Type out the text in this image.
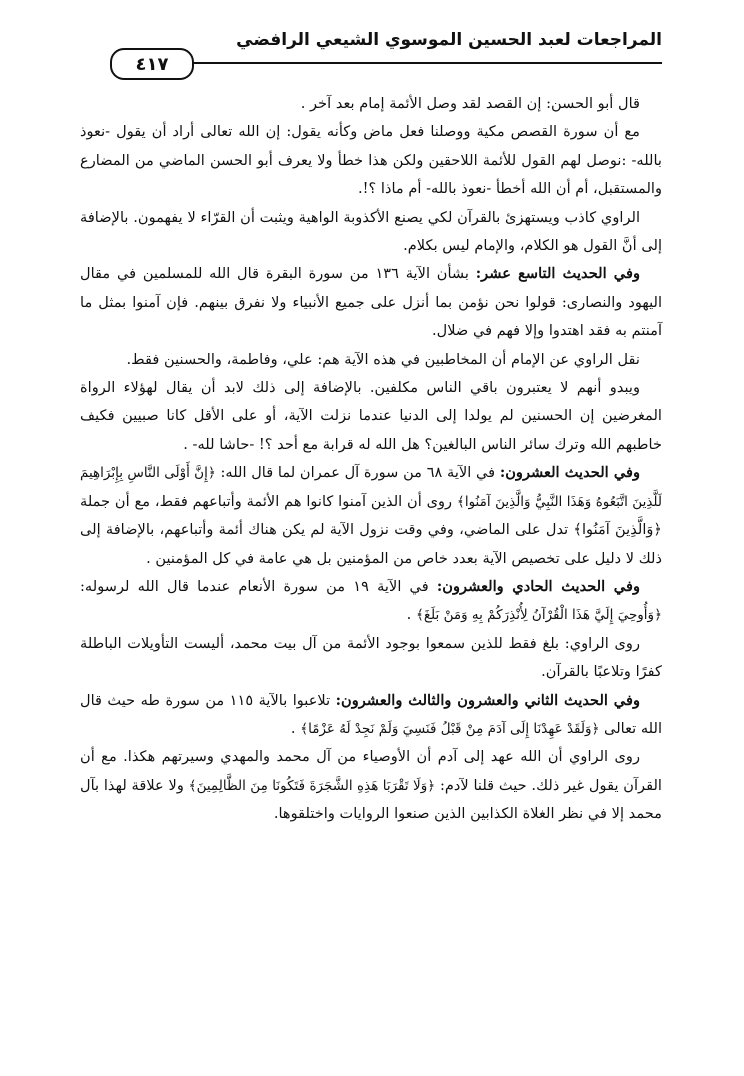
المراجعات لعبد الحسين الموسوي الشيعي الرافضي
٤١٧

قال أبو الحسن: إن القصد لقد وصل الأئمة إمام بعد آخر .

مع أن سورة القصص مكية ووصلنا فعل ماض وكأنه يقول: إن الله تعالى أراد أن يقول -نعوذ بالله- :نوصل لهم القول للأئمة اللاحقين ولكن هذا خطأ ولا يعرف أبو الحسن الماضي من المضارع والمستقبل، أم أن الله أخطأ -نعوذ بالله- أم ماذا ؟!.

الراوي كاذب ويستهزئ بالقرآن لكي يصنع الأكذوبة الواهية ويثبت أن القرّاء لا يفهمون. بالإضافة إلى أنَّ القول هو الكلام، والإمام ليس بكلام.

وفي الحديث التاسع عشر: بشأن الآية ١٣٦ من سورة البقرة قال الله للمسلمين في مقال اليهود والنصارى: قولوا نحن نؤمن بما أنزل على جميع الأنبياء ولا نفرق بينهم. فإن آمنوا بمثل ما آمنتم به فقد اهتدوا وإلا فهم في ضلال.

نقل الراوي عن الإمام أن المخاطبين في هذه الآية هم: علي، وفاطمة، والحسنين فقط.

ويبدو أنهم لا يعتبرون باقي الناس مكلفين. بالإضافة إلى ذلك لابد أن يقال لهؤلاء الرواة المغرضين إن الحسنين لم يولدا إلى الدنيا عندما نزلت الآية، أو على الأقل كانا صبيين فكيف خاطبهم الله وترك سائر الناس البالغين؟ هل الله له قرابة مع أحد ؟! -حاشا لله- .

وفي الحديث العشرون: في الآية ٦٨ من سورة آل عمران لما قال الله: ﴿إِنَّ أَوْلَى النَّاسِ بِإِبْرَاهِيمَ لَلَّذِينَ اتَّبَعُوهُ وَهَذَا النَّبِيُّ وَالَّذِينَ آمَنُوا﴾ روى أن الذين آمنوا كانوا هم الأئمة وأتباعهم فقط، مع أن جملة ﴿وَالَّذِينَ آمَنُوا﴾ تدل على الماضي، وفي وقت نزول الآية لم يكن هناك أئمة وأتباعهم، بالإضافة إلى ذلك لا دليل على تخصيص الآية بعدد خاص من المؤمنين بل هي عامة في كل المؤمنين .

وفي الحديث الحادي والعشرون: في الآية ١٩ من سورة الأنعام عندما قال الله لرسوله: ﴿وَأُوحِيَ إِلَيَّ هَذَا الْقُرْآنُ لِأُنْذِرَكُمْ بِهِ وَمَنْ بَلَغَ﴾ .

روى الراوي: بلغ فقط للذين سمعوا بوجود الأئمة من آل بيت محمد، أليست التأويلات الباطلة كفرًا وتلاعبًا بالقرآن.

وفي الحديث الثاني والعشرون والثالث والعشرون: تلاعبوا بالآية ١١٥ من سورة طه حيث قال الله تعالى ﴿وَلَقَدْ عَهِدْنَا إِلَى آدَمَ مِنْ قَبْلُ فَنَسِيَ وَلَمْ نَجِدْ لَهُ عَزْمًا﴾ .

روى الراوي أن الله عهد إلى آدم أن الأوصياء من آل محمد والمهدي وسيرتهم هكذا. مع أن القرآن يقول غير ذلك. حيث قلنا لآدم: ﴿وَلَا تَقْرَبَا هَذِهِ الشَّجَرَةَ فَتَكُونَا مِنَ الظَّالِمِينَ﴾ ولا علاقة لهذا بآل محمد إلا في نظر الغلاة الكذابين الذين صنعوا الروايات واختلقوها.
